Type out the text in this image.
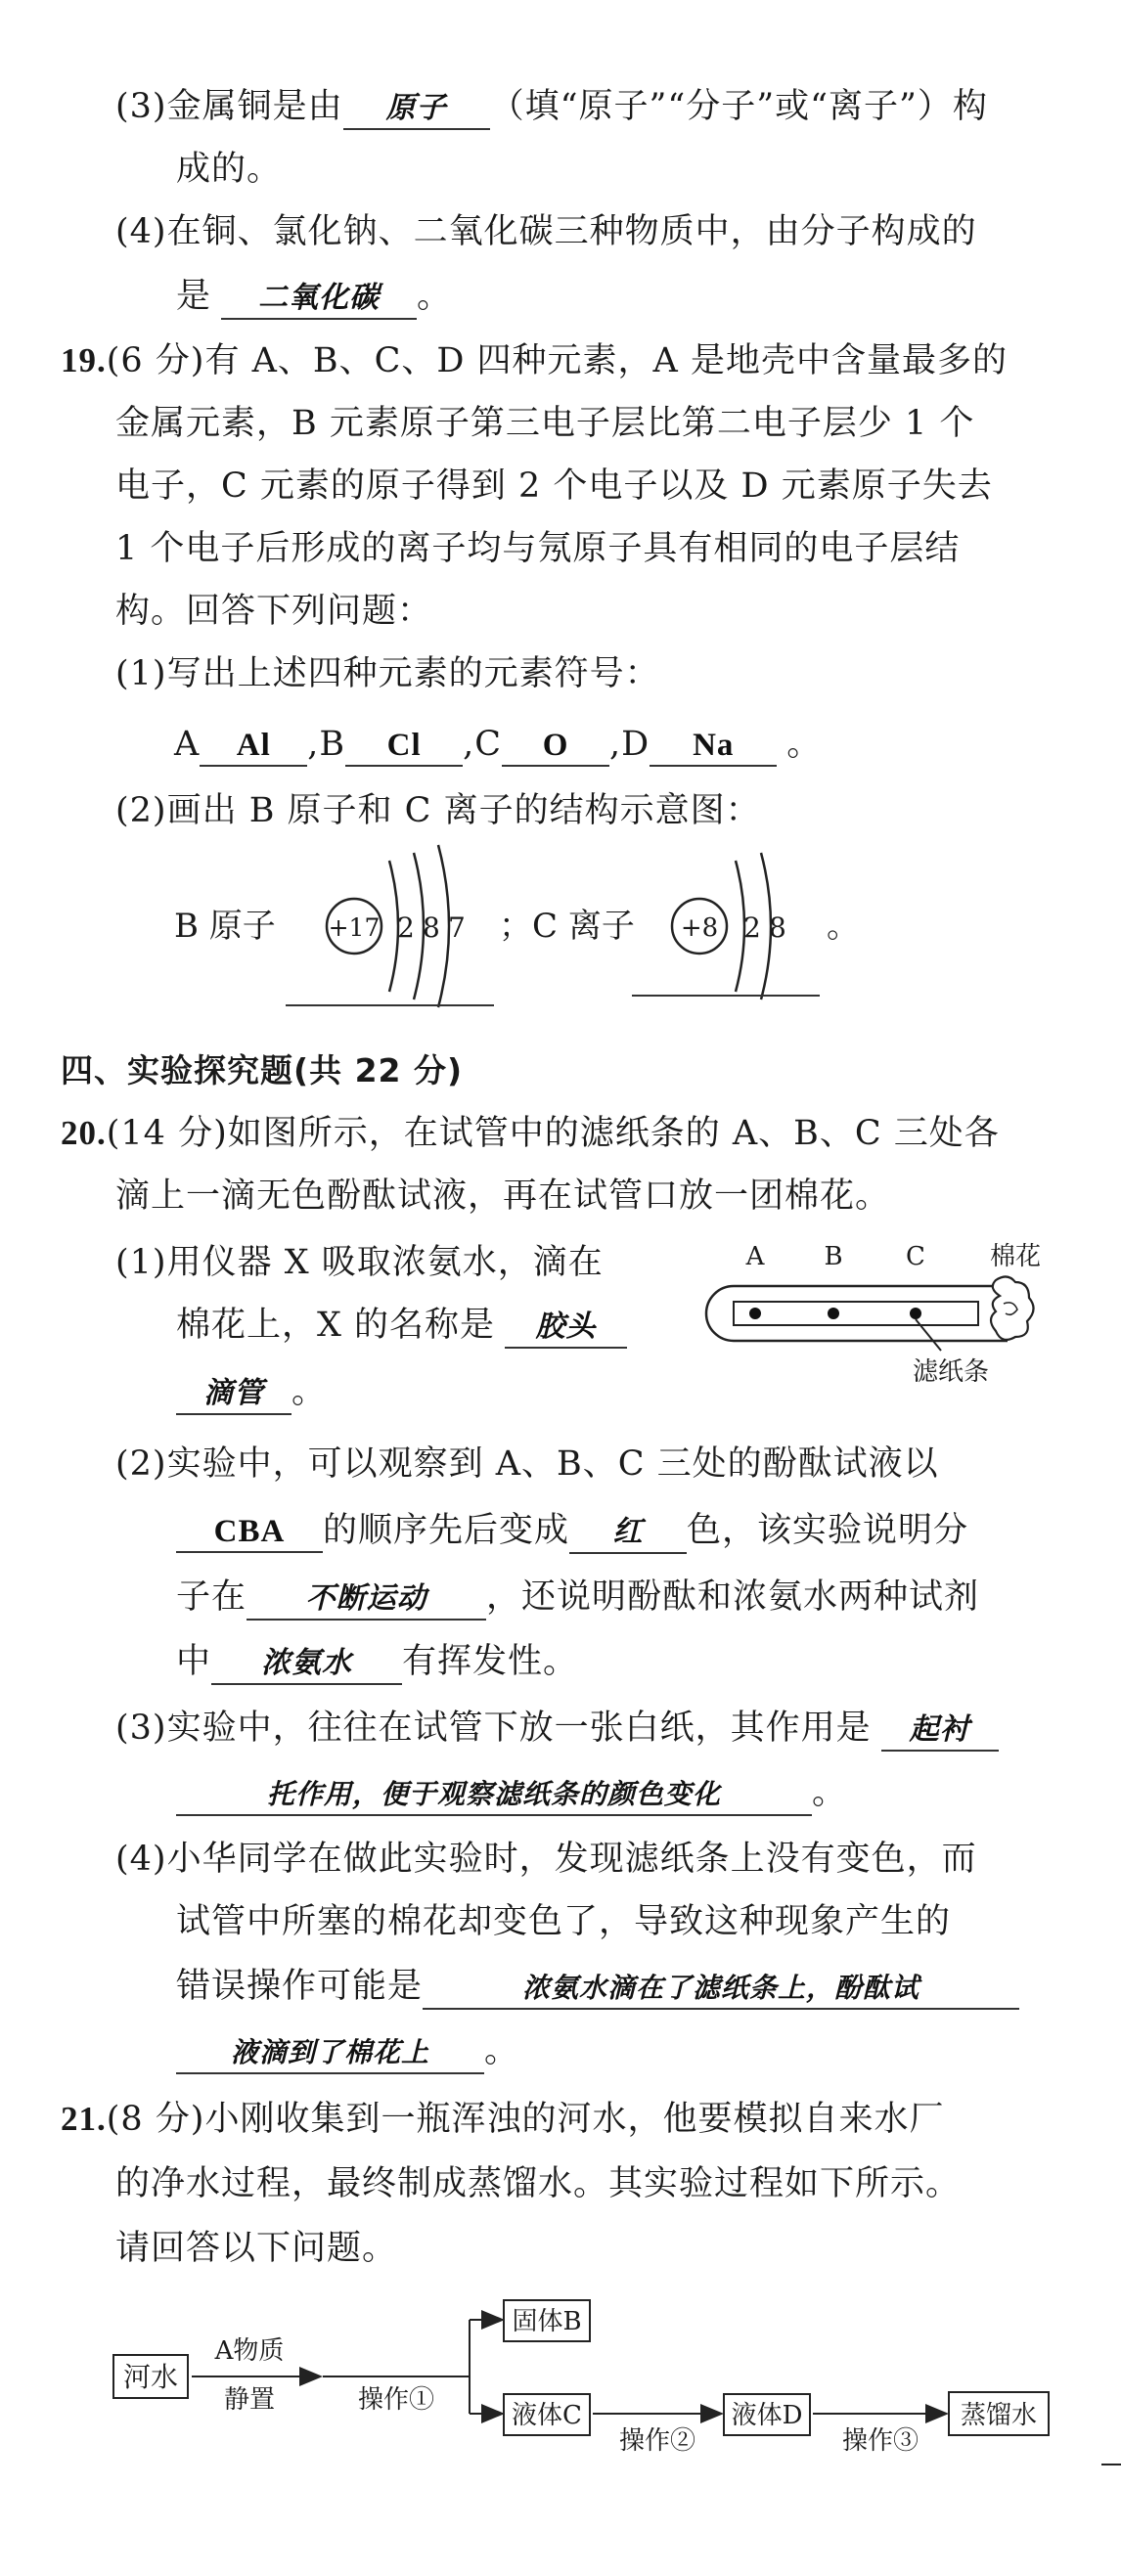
(3)金属铜是由 原子 （填“原子”“分子”或“离子”）构
成的。
(4)在铜、氯化钠、二氧化碳三种物质中，由分子构成的
是 二氧化碳 。
19.(6 分)有 A、B、C、D 四种元素，A 是地壳中含量最多的
金属元素，B 元素原子第三电子层比第二电子层少 1 个
电子，C 元素的原子得到 2 个电子以及 D 元素原子失去
1 个电子后形成的离子均与氖原子具有相同的电子层结
构。回答下列问题：
(1)写出上述四种元素的元素符号：
A Al ,B Cl ,C O ,D Na 。
(2)画出 B 原子和 C 离子的结构示意图：
B 原子 +17 2 8 7 ；C 离子 +8 2 8 。
四、实验探究题(共 22 分)
20.(14 分)如图所示，在试管中的滤纸条的 A、B、C 三处各
滴上一滴无色酚酞试液，再在试管口放一团棉花。
(1)用仪器 X 吸取浓氨水，滴在
棉花上，X 的名称是 胶头
滴管 。
A B C	棉花
滤纸条
(2)实验中，可以观察到 A、B、C 三处的酚酞试液以
CBA 的顺序先后变成 红 色，该实验说明分
子在 不断运动 ，还说明酚酞和浓氨水两种试剂
中 浓氨水 有挥发性。
(3)实验中，往往在试管下放一张白纸，其作用是 起衬
托作用，便于观察滤纸条的颜色变化	。
(4)小华同学在做此实验时，发现滤纸条上没有变色，而
试管中所塞的棉花却变色了，导致这种现象产生的
错误操作可能是	浓氨水滴在了滤纸条上，酚酞试
液滴到了棉花上 。
21.(8 分)小刚收集到一瓶浑浊的河水，他要模拟自来水厂
的净水过程，最终制成蒸馏水。其实验过程如下所示。
请回答以下问题。
河水
A物质
静置	操作①
固体B
液体C
操作②
液体D
操作③
蒸馏水
